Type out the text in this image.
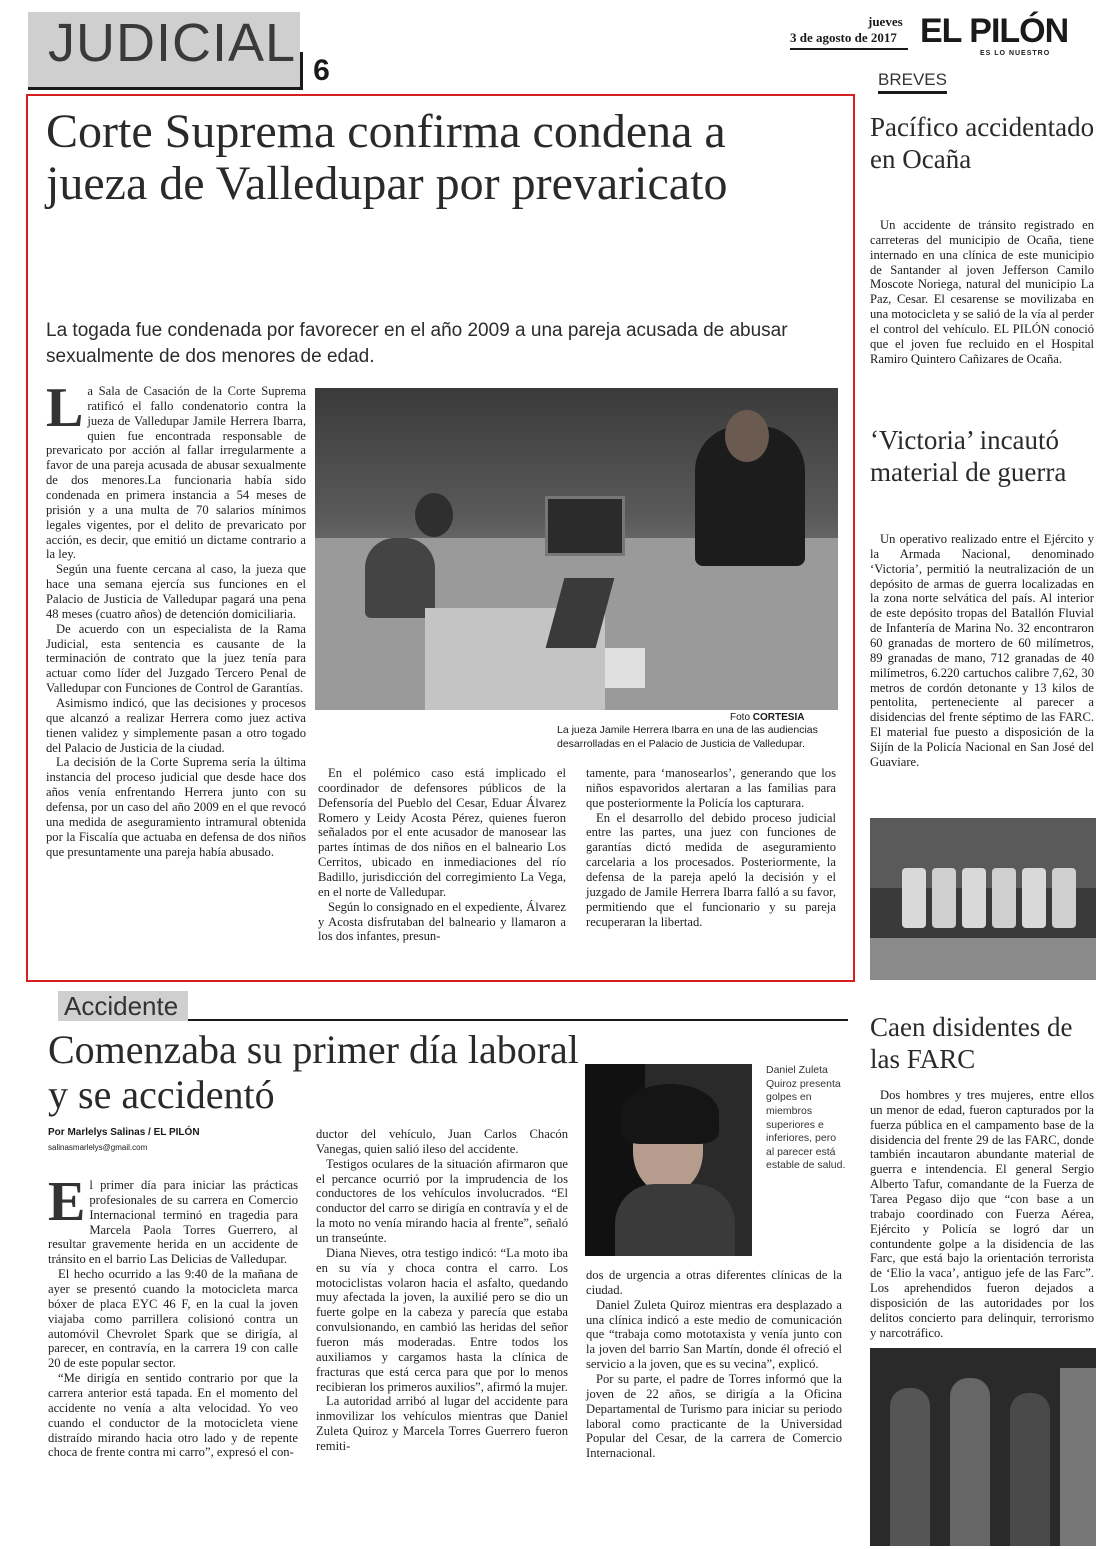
JUDICIAL 6
jueves
3 de agosto de 2017 EL PILÓN
ES LO NUESTRO
Corte Suprema confirma condena a jueza de Valledupar por prevaricato
La togada fue condenada por favorecer en el año 2009 a una pareja acusada de abusar sexualmente de dos menores de edad.

La Sala de Casación de la Corte Suprema ratificó el fallo condenatorio contra la jueza de Valledupar Jamile Herrera Ibarra, quien fue encontrada responsable de prevaricato por acción al fallar irregularmente a favor de una pareja acusada de abusar sexualmente de dos menores.La funcionaria había sido condenada en primera instancia a 54 meses de prisión y a una multa de 70 salarios mínimos legales vigentes, por el delito de prevaricato por acción, es decir, que emitió un dictame contrario a la ley.

Según una fuente cercana al caso, la jueza que hace una semana ejercía sus funciones en el Palacio de Justicia de Valledupar pagará una pena 48 meses (cuatro años) de detención domiciliaria.

De acuerdo con un especialista de la Rama Judicial, esta sentencia es causante de la terminación de contrato que la juez tenía para actuar como líder del Juzgado Tercero Penal de Valledupar con Funciones de Control de Garantías.

Asimismo indicó, que las decisiones y procesos que alcanzó a realizar Herrera como juez activa tienen validez y simplemente pasan a otro togado del Palacio de Justicia de la ciudad.

La decisión de la Corte Suprema sería la última instancia del proceso judicial que desde hace dos años venía enfrentando Herrera junto con su defensa, por un caso del año 2009 en el que revocó una medida de aseguramiento intramural obtenida por la Fiscalía que actuaba en defensa de dos niños que presuntamente una pareja había abusado.

Foto CORTESIA
La jueza Jamile Herrera Ibarra en una de las audiencias desarrolladas en el Palacio de Justicia de Valledupar.

En el polémico caso está implicado el coordinador de defensores públicos de la Defensoría del Pueblo del Cesar, Eduar Álvarez Romero y Leidy Acosta Pérez, quienes fueron señalados por el ente acusador de manosear las partes íntimas de dos niños en el balneario Los Cerritos, ubicado en inmediaciones del río Badillo, jurisdicción del corregimiento La Vega, en el norte de Valledupar.

Según lo consignado en el expediente, Álvarez y Acosta disfrutaban del balneario y llamaron a los dos infantes, presun-

tamente, para ‘manosearlos’, generando que los niños espavoridos alertaran a las familias para que posteriormente la Policía los capturara.

En el desarrollo del debido proceso judicial entre las partes, una juez con funciones de garantías dictó medida de aseguramiento carcelaria a los procesados. Posteriormente, la defensa de la pareja apeló la decisión y el juzgado de Jamile Herrera Ibarra falló a su favor, permitiendo que el funcionario y su pareja recuperaran la libertad.

BREVES
Pacífico accidentado en Ocaña
Un accidente de tránsito registrado en carreteras del municipio de Ocaña, tiene internado en una clínica de este municipio de Santander al joven Jefferson Camilo Moscote Noriega, natural del municipio La Paz, Cesar. El cesarense se movilizaba en una motocicleta y se salió de la vía al perder el control del vehículo. EL PILÓN conoció que el joven fue recluido en el Hospital Ramiro Quintero Cañizares de Ocaña.
‘Victoria’ incautó material de guerra
Un operativo realizado entre el Ejército y la Armada Nacional, denominado ‘Victoria’, permitió la neutralización de un depósito de armas de guerra localizadas en la zona norte selvática del país. Al interior de este depósito tropas del Batallón Fluvial de Infantería de Marina No. 32 encontraron 60 granadas de mortero de 60 milímetros, 89 granadas de mano, 712 granadas de 40 milímetros, 6.220 cartuchos calibre 7,62, 30 metros de cordón detonante y 13 kilos de pentolita, perteneciente al parecer a disidencias del frente séptimo de las FARC. El material fue puesto a disposición de la Sijín de la Policía Nacional en San José del Guaviare.
Caen disidentes de las FARC
Dos hombres y tres mujeres, entre ellos un menor de edad, fueron capturados por la fuerza pública en el campamento base de la disidencia del frente 29 de las FARC, donde también incautaron abundante material de guerra e intendencia. El general Sergio Alberto Tafur, comandante de la Fuerza de Tarea Pegaso dijo que “con base a un trabajo coordinado con Fuerza Aérea, Ejército y Policía se logró dar un contundente golpe a la disidencia de las Farc, que está bajo la orientación terrorista de ‘Elio la vaca’, antiguo jefe de las Farc”. Los aprehendidos fueron dejados a disposición de las autoridades por los delitos concierto para delinquir, terrorismo y narcotráfico.
Accidente
Comenzaba su primer día laboral y se accidentó
Por Marlelys Salinas / EL PILÓN
salinasmarlelys@gmail.com

El primer día para iniciar las prácticas profesionales de su carrera en Comercio Internacional terminó en tragedia para Marcela Paola Torres Guerrero, al resultar gravemente herida en un accidente de tránsito en el barrio Las Delicias de Valledupar.

El hecho ocurrido a las 9:40 de la mañana de ayer se presentó cuando la motocicleta marca bóxer de placa EYC 46 F, en la cual la joven viajaba como parrillera colisionó contra un automóvil Chevrolet Spark que se dirigía, al parecer, en contravía, en la carrera 19 con calle 20 de este popular sector.

“Me dirigía en sentido contrario por que la carrera anterior está tapada. En el momento del accidente no venía a alta velocidad. Yo veo cuando el conductor de la motocicleta viene distraído mirando hacia otro lado y de repente choca de frente contra mi carro”, expresó el con-

ductor del vehículo, Juan Carlos Chacón Vanegas, quien salió ileso del accidente.

Testigos oculares de la situación afirmaron que el percance ocurrió por la imprudencia de los conductores de los vehículos involucrados. “El conductor del carro se dirigía en contravía y el de la moto no venía mirando hacia al frente”, señaló un transeúnte.

Diana Nieves, otra testigo indicó: “La moto iba en su vía y choca contra el carro. Los motociclistas volaron hacia el asfalto, quedando muy afectada la joven, la auxilié pero se dio un fuerte golpe en la cabeza y parecía que estaba convulsionando, en cambió las heridas del señor fueron más moderadas. Entre todos los auxiliamos y cargamos hasta la clínica de fracturas que está cerca para que por lo menos recibieran los primeros auxilios”, afirmó la mujer.

La autoridad arribó al lugar del accidente para inmovilizar los vehículos mientras que Daniel Zuleta Quiroz y Marcela Torres Guerrero fueron remiti-

Daniel Zuleta Quiroz presenta golpes en miembros superiores e inferiores, pero al parecer está estable de salud.

dos de urgencia a otras diferentes clínicas de la ciudad.

Daniel Zuleta Quiroz mientras era desplazado a una clínica indicó a este medio de comunicación que “trabaja como mototaxista y venía junto con la joven del barrio San Martín, donde él ofreció el servicio a la joven, que es su vecina”, explicó.

Por su parte, el padre de Torres informó que la joven de 22 años, se dirigía a la Oficina Departamental de Turismo para iniciar su periodo laboral como practicante de la Universidad Popular del Cesar, de la carrera de Comercio Internacional.
